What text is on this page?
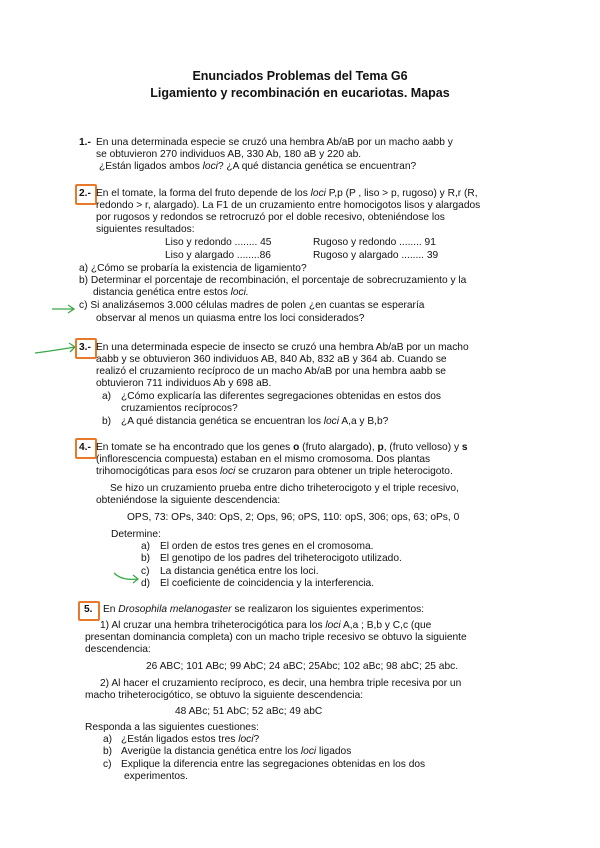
Enunciados Problemas del Tema G6
Ligamiento y recombinación en eucariotas. Mapas
1.- En una determinada especie se cruzó una hembra Ab/aB por un macho aabb y
se obtuvieron 270 individuos AB, 330 Ab, 180 aB y 220 ab.
¿Están ligados ambos loci? ¿A qué distancia genética se encuentran?
2.- En el tomate, la forma del fruto depende de los loci P,p (P , liso > p, rugoso) y R,r (R,
redondo > r, alargado). La F1 de un cruzamiento entre homocigotos lisos y alargados
por rugosos y redondos se retrocruzó por el doble recesivo, obteniéndose los
siguientes resultados:
Liso y redondo ........ 45	Rugoso y redondo ........ 91
Liso y alargado ........86	Rugoso y alargado ........ 39
a) ¿Cómo se probaría la existencia de ligamiento?
b) Determinar el porcentaje de recombinación, el porcentaje de sobrecruzamiento y la
distancia genética entre estos loci.
c) Si analizásemos 3.000 células madres de polen ¿en cuantas se esperaría
observar al menos un quiasma entre los loci considerados?
3.- En una determinada especie de insecto se cruzó una hembra Ab/aB por un macho
aabb y se obtuvieron 360 individuos AB, 840 Ab, 832 aB y 364 ab. Cuando se
realizó el cruzamiento recíproco de un macho Ab/aB por una hembra aabb se
obtuvieron 711 individuos Ab y 698 aB.
a) ¿Cómo explicaría las diferentes segregaciones obtenidas en estos dos
cruzamientos recíprocos?
b) ¿A qué distancia genética se encuentran los loci A,a y B,b?
4.- En tomate se ha encontrado que los genes o (fruto alargado), p, (fruto velloso) y s
(inflorescencia compuesta) estaban en el mismo cromosoma. Dos plantas
trihomocigóticas para esos loci se cruzaron para obtener un triple heterocigoto.
Se hizo un cruzamiento prueba entre dicho triheterocigoto y el triple recesivo,
obteniéndose la siguiente descendencia:
OPS, 73: OPs, 340: OpS, 2; Ops, 96; oPS, 110: opS, 306; ops, 63; oPs, 0
Determine:
a) El orden de estos tres genes en el cromosoma.
b) El genotipo de los padres del triheterocigoto utilizado.
c) La distancia genética entre los loci.
d) El coeficiente de coincidencia y la interferencia.
5. En Drosophila melanogaster se realizaron los siguientes experimentos:
1) Al cruzar una hembra triheterocigótica para los loci A,a ; B,b y C,c (que
presentan dominancia completa) con un macho triple recesivo se obtuvo la siguiente
descendencia:
26 ABC; 101 ABc; 99 AbC; 24 aBC; 25Abc; 102 aBc; 98 abC; 25 abc.
2) Al hacer el cruzamiento recíproco, es decir, una hembra triple recesiva por un
macho triheterocigótico, se obtuvo la siguiente descendencia:
48 ABc; 51 AbC; 52 aBc; 49 abC
Responda a las siguientes cuestiones:
a) ¿Están ligados estos tres loci?
b) Averigüe la distancia genética entre los loci ligados
c) Explique la diferencia entre las segregaciones obtenidas en los dos
experimentos.
